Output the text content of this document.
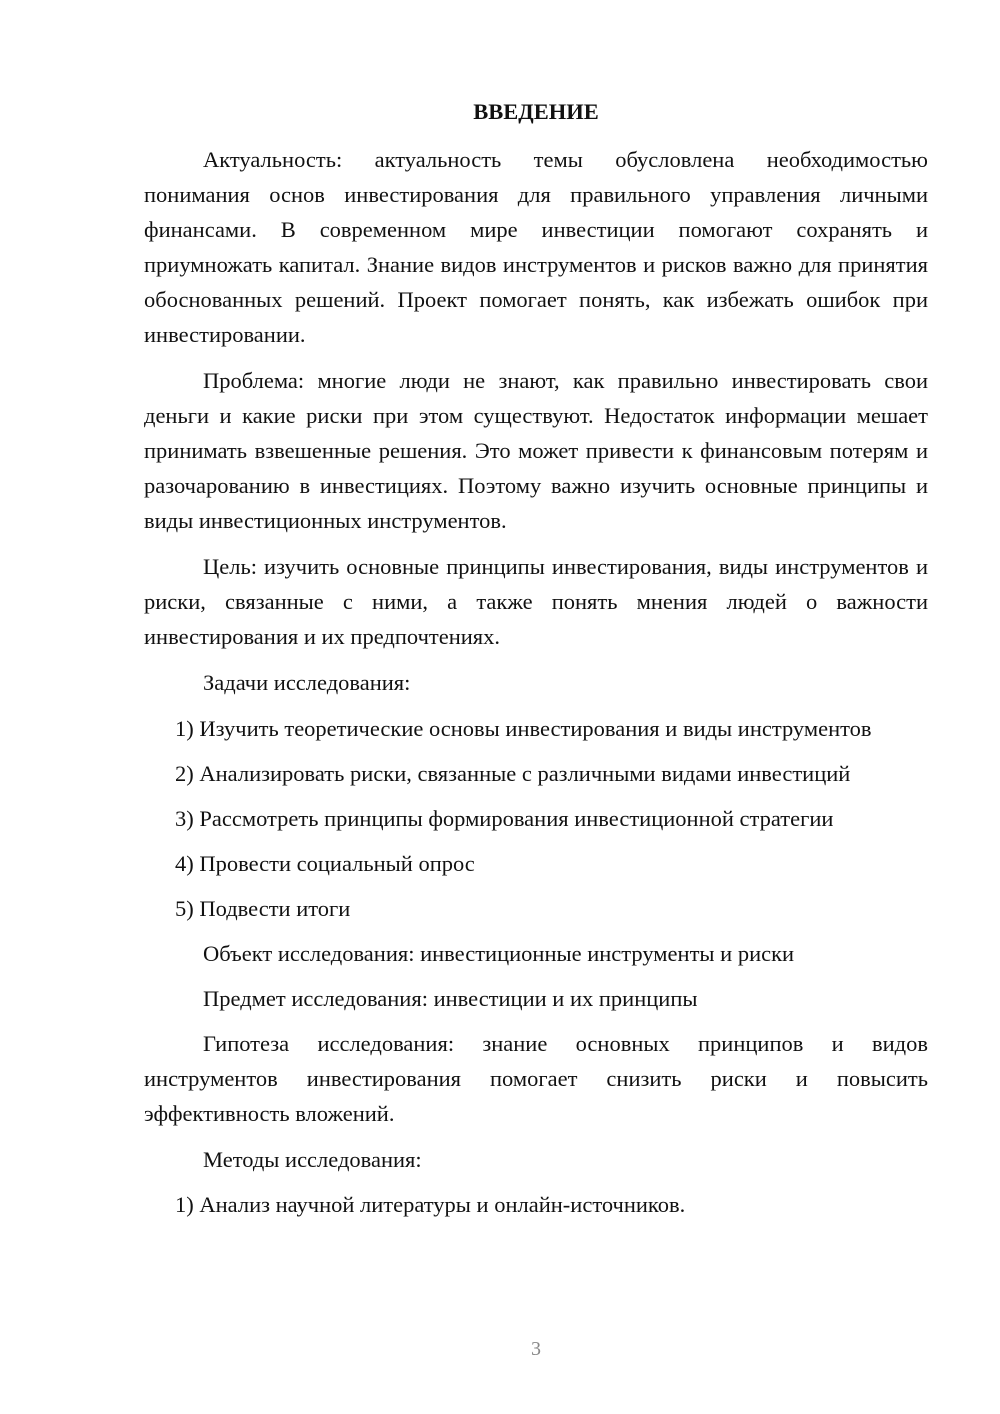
ВВЕДЕНИЕ

Актуальность: актуальность темы обусловлена необходимостью понимания основ инвестирования для правильного управления личными финансами. В современном мире инвестиции помогают сохранять и приумножать капитал. Знание видов инструментов и рисков важно для принятия обоснованных решений. Проект помогает понять, как избежать ошибок при инвестировании.

Проблема: многие люди не знают, как правильно инвестировать свои деньги и какие риски при этом существуют. Недостаток информации мешает принимать взвешенные решения. Это может привести к финансовым потерям и разочарованию в инвестициях. Поэтому важно изучить основные принципы и виды инвестиционных инструментов.

Цель: изучить основные принципы инвестирования, виды инструментов и риски, связанные с ними, а также понять мнения людей о важности инвестирования и их предпочтениях.

Задачи исследования:

1) Изучить теоретические основы инвестирования и виды инструментов

2) Анализировать риски, связанные с различными видами инвестиций

3) Рассмотреть принципы формирования инвестиционной стратегии

4) Провести социальный опрос

5) Подвести итоги

Объект исследования: инвестиционные инструменты и риски

Предмет исследования: инвестиции и их принципы

Гипотеза исследования: знание основных принципов и видов инструментов инвестирования помогает снизить риски и повысить эффективность вложений.

Методы исследования:

1) Анализ научной литературы и онлайн-источников.

3
